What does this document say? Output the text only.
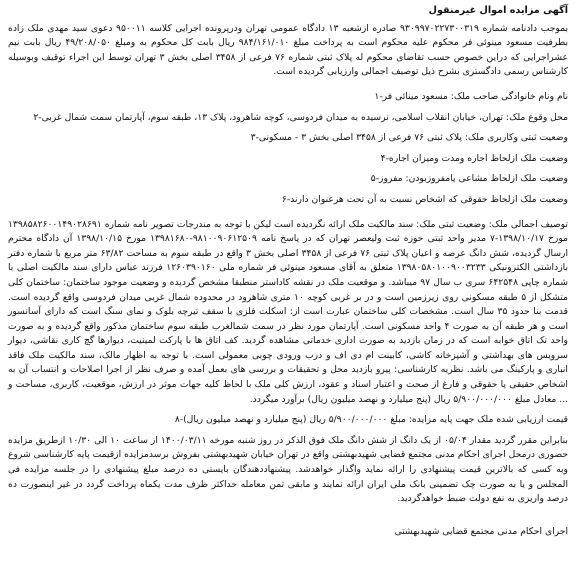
آگهی مزایده اموال غیرمنقول

بموجب دادنامه شماره ۹۳۰۹۹۷۰۲۲۷۳۰۰۳۱۹ صادره ازشعبه ۱۳ دادگاه عمومی تهران ودرپرونده اجرایی کلاسه ۹۵۰۰۱۱ دعوی سید مهدی ملک زاده بطرفیت مسعود مینوئی فر محکوم علیه محکوم است به پرداخت مبلغ ۹۸۴/۱۶۱/۰۱۰ ریال بابت کل محکوم به ومبلغ ۴۹/۲۰۸/۰۵۰ ریال بابت نیم عشراجرایی که دراین خصوص حسب تقاضای محکوم له پلاک ثبتی شماره ۷۶ فرعی از ۳۴۵۸ اصلی بخش ۳ تهران توسط این اجراء توقیف وبوسیله کارشناس رسمی دادگستری بشرح ذیل توصیف اجمالی وارزیابی گردیده است.

نام ونام خانوادگی صاحب ملک: مسعود مینائی فر-۱

محل وقوع ملک: تهران، خیابان انقلاب اسلامی، نرسیده به میدان فردوسی، کوچه شاهرود، پلاک ۱۳، طبقه سوم، آپارتمان سمت شمال غربی-۲

وضعیت ثبتی وکاربری ملک: پلاک ثبتی ۷۶ فرعی از ۳۴۵۸ اصلی بخش ۳ - مسکونی-۳

وضعیت ملک ازلحاظ اجاره ومدت ومیزان اجاره-۴

وضعیت ملک ازلحاظ مشاعی یامفروزبودن: مفروز-۵

وضعیت ملک ازلحاظ حقوقی که اشخاص نسبت به آن تحت هرعنوان دارند-۶

توصیف اجمالی ملک: وضعیت ثبتی ملک: سند مالکیت ملک ارائه نگردیده است لیکن با توجه به مندرجات تصویر نامه شماره ۱۳۹۸۵۸۲۶۰۰۱۴۹۰۲۸۶۹۱ مورخ ۱۳۹۸/۱۰/۱۷-۷ مدیر واحد ثبتی حوزه ثبت ولیعصر تهران که در پاسخ نامه ۹۸۱۰۰۹۰۶۱۲۵۰۹-۱۳۹۸۱۶۸۰ مورخ ۱۳۹۸/۱۰/۱۵ آن دادگاه محترم ارسال گردیده، شش دانگ عرصه و اعیان پلاک ثبتی ۷۶ فرعی از ۳۴۵۸ اصلی بخش ۳ واقع در طبقه سوم به مساحت ۶۳/۸۲ متر مربع با شماره دفتر بازداشتی الکترونیکی ۱۳۹۸۰۵۸۰۱۰۰۹۰۰۳۲۳۳ متعلق به آقای مسعود مینوئی فر شماره ملی ۱۲۶۰۳۹۰۱۶۰ فرزند عباس دارای سند مالکیت اصلی با شماره چاپی ۶۴۲۵۴۸ سری ب سال ۹۷ میباشد. و موقعیت ملک در نقشه کاداستر منطبقا مشخص گردیده و وضعیت موجود ساختمان: ساختمان کلی متشکل از ۵ طبقه مسکونی روی زیرزمین است و در بر غربی کوچه ۱۰ متری شاهرود در محدوده شمال غربی میدان فردوسی واقع گردیده است. قدمت بنا حدود ۳۵ سال است. مشخصات کلی ساختمان عبارت است از: اسکلت فلزی با سقف تیرچه بلوک و نمای سنگ است که دارای آسانسور است و هر طبقه آن به صورت ۴ واحد مسکونی است. آپارتمان مورد نظر در سمت شمالغرب طبقه سوم ساختمان مذکور واقع گردیده و به صورت واحد تک اتاق خوابه است که در زمان بازدید به صورت اداری خدماتی مشاهده گردید. کف اتاق ها با پارکت لمینیت، دیوارها گچ کاری نقاشی، دیوار سرویس های بهداشتی و آشپزخانه کاشی، کابینت ام دی اف و درب ورودی چوبی معمولی است. با توجه به اظهار مالک، سند مالکیت ملک فاقد انباری و پارکینگ می باشد. نظریه کارشناسی: پیرو بازدید محل و تحقیقات و بررسی های بعمل آمده و صرف نظر از اجرا اصلاحات و انتساب آن به اشخاص حقیقی یا حقوقی و فارغ از صحت و اعتبار اسناد و عقود، ارزش کلی ملک با لحاظ کلیه جهات موثر در ارزش، موقعیت، کاربری، مساحت و ... معادل مبلغ ۵/۹۰۰/۰۰۰/۰۰۰ ریال (پنج میلیارد و نهصد میلیون ریال) برآورد میگردد.

قیمت ارزیابی شده ملک جهت پایه مزایده: مبلغ ۵/۹۰۰/۰۰۰/۰۰۰ ریال (پنج میلیارد و نهصد میلیون ریال)-۸

بنابراین مقرر گردید مقدار ۰۵/۰۴ از یک دانگ از شش دانگ ملک فوق الذکر در روز شنبه مورخه ۱۴۰۰/۰۳/۱۱ از ساعت ۱۰ الی ۱۰/۳۰ ازطریق مزایده حضوری درمحل اجرای احکام مدنی مجتمع قضایی شهیدبهشتی واقع در تهران خیابان شهیدبهشتی بفروش برسدمزایده ازقیمت پایه کارشناسی شروع وبه کسی که بالاترین قیمت پیشنهادی را ارائه نماید واگذار خواهدشد. پیشنهاددهندگان بایستی ده درصد مبلغ پیشنهادی را در جلسه مزایده فی المجلس و یا به صورت چک تضمینی بانک ملی ایران ارائه نمایند و مابقی ثمن معامله حداکثر ظرف مدت یکماه پرداخت گردد در غیر اینصورت ده درصد واریزی به نفع دولت ضبط خواهدگردید.

اجرای احکام مدنی مجتمع قضایی شهیدبهشتی
